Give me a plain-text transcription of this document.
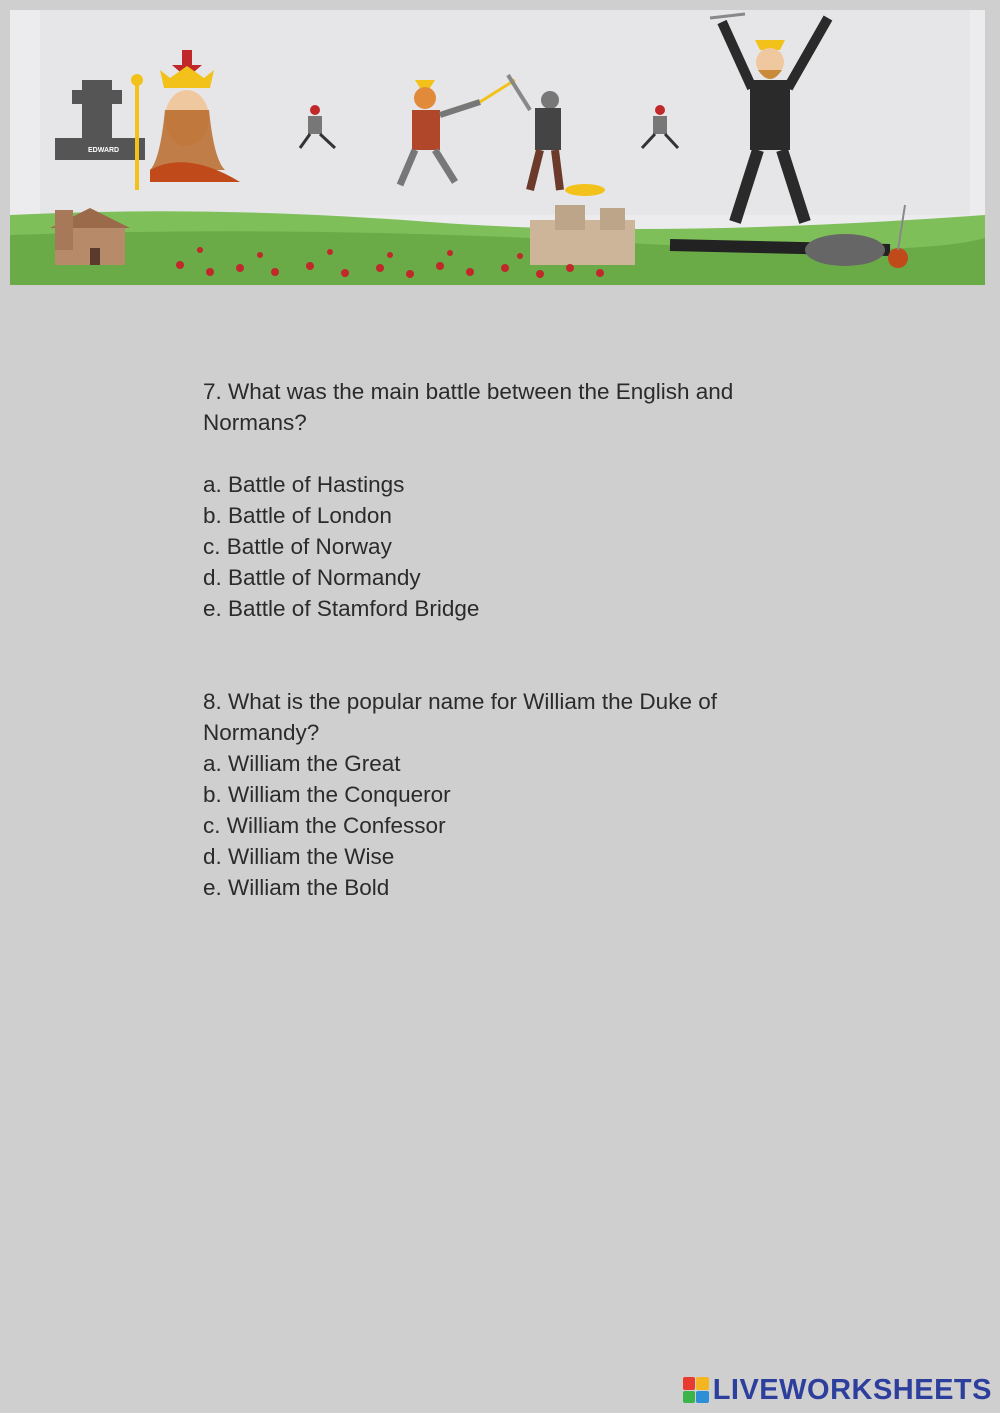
EDWARD
7. What was the main battle between the English and
Normans?
a. Battle of Hastings
b. Battle of London
c. Battle of Norway
d. Battle of Normandy
e. Battle of Stamford Bridge
8. What is the popular name for William the Duke of
Normandy?
a. William the Great
b. William the Conqueror
c. William the Confessor
d. William the Wise
e. William the Bold
LIVEWORKSHEETS
